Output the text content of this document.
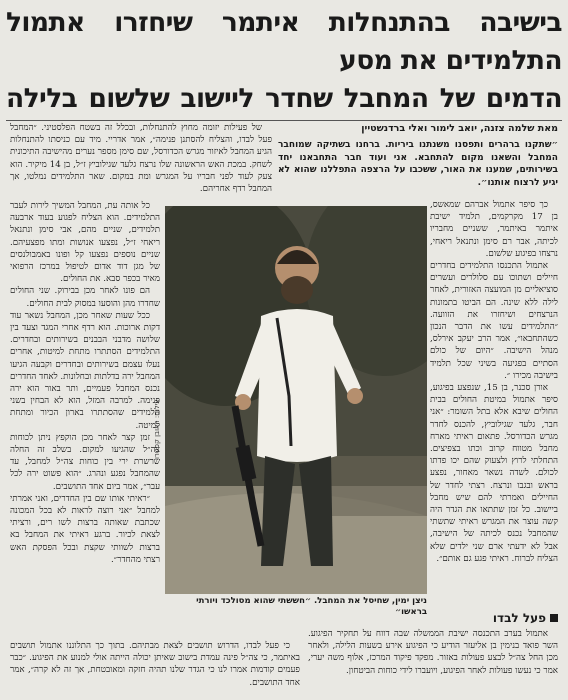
בישיבה בהתנחלות איתמר שיחזרו אתמול התלמידים את מסע
הדמים של המחבל שחדר ליישוב שלשום בלילה
מאת שלמה צזנה, יואב לימור ואלי ברדנשטיין
״שתקנו ברהרים ותפסנו משנתנו ביריות. ברחנו בשתיקה שמוחבר המחבל והשאנו מקום להתחבא. אני ועוד חבר התחבאנו יחד בשירותים, שמענו את האור, ששכבו על הרצפה התפללנו שהוא לא יגיע לרצוח אותנו״.

כך סיפר אתמול אברהם שמאשס, בן 17 מקרקמים, תלמיד ישיבת איתמר באיתמר, ששניים מחבריו לכיתה, אבר רם סימן ונתנאל ריאחי, נרצחו בפיגוע שלשום.

אתמול התכנסו התלמידים בחדרים חיילים ושתוכו עם סלולרים ועשרים סוציאליים מן המועצה האזורית, לאחר לילה ללא שינה. הם הביטו בתמונות הנרצחים ושיחזרו את הזוועה. ״התלמידים עשו את הדבר הנכון כשהתחבאו״, אמר הרב יעקב אירלס, מנהל הישיבה. ״היום של כולם הסתיים בפגיעה בשיני שכל תלמיד בישיבה מכירו ״.

אורן סכנר, בן 15, שנפצע בפיגוע, סיפר אתמול במיטת החולים בבית החולים שיבא אלא בתל השומר: ״אני חבר, גלעד שגילוביץ, להכנס לחדר מגרש הכדורסל. פתאום ראיתי מארח מחבל מטווח קרוב וכתו בצפיצים. התחלתי לרוץ ולצעוק שהם יכו פדתו לכולם. לשדה נשאר מאחור, נפצע בראש ובגבו ונרצח. רצתי לחדר של החיילים ואמרתי להם שיש מחבל ביישוב. כל זמן שתתאו את הגדר היה קשה עוצר את המגרש ראיתי שתשתי שהמחבל נכנס לכיתה של הישיבה, אבל לא ידעתי ארם שני ילדים שלא הצליח לברוח. ראיתי פגע גם אותם״.

של פעילות יזומה מחוץ להתנחלות, ובכלל זה בשטח הפלסטיני. ״המחבל פעל לבדו, והצליח להסתנן פנימה״, אמר אדריי. מיד עם כניסתו להתנחלות הגיע המחבל לאיזור מגרש הכדורסל, שם סימן מספר נערים מהישיבה התיכונית לשחק. במכת האש הראשונה שלו נרצח גלעד שגילוביץ ז״ל, בן 14 מיקיר. הוא צעק לעוד לפני חבריו על המגרש ומת במקום. שאר התלמידים נמלטו, אך המחבל רדף אחריהם.

כל אותה עת, המחבל המשיך לירות לעבר התלמידים. הוא הצליח לפגוע בעוד ארבעה תלמידים, שניים מהם, אבי סימן ונתנאל ריאחי ז״ל, נפצעו אנושות ומתו מפצעיהם. שניים נוספים נפצעו קל ופונו באמבולנסים של מגן דוד אדום לטיפול במרכז הרפואי מאיר בכפר סבא. את החולים.

הם פונו לאחר מכן בבירוק. שני החולים שחדרו מהן והוסעו במסוק לבית החולים.

ככל שעות שאחר מכן, המחבל נשאר עוד דקות ארוכות. הוא רדף אחרי המגד וצעד בין שלושה מדבני הבבנים בשירותים ובחדרים. התלמידים הסתתרו מתחת למיטות, אחרים נעלו עצמם בשירותים ובחדרים וקבעה הגיעו המחבל ירה בדלתות ובחלונות. לאחד החדרים נכנס המחבל פעמיים, ותר באור הוא ירה פנימה. למרבה המזל, הוא לא הבחין בשני תלמידים שהסתתרו בארון הכיור ומתחת למיטה.

זמן קצר לאחר מכן הוקפץ ניתן לכוחות צה״ל שהגיעו למקום. בשלב זה החלה שרשרת ירי בין כוחות צה״ל למחבל, עד שהמחבל נפגע ונהרג. ״הוא פשוט ירה לכל עבר״, אמר ביום אחד התושבים.

״ראיתי אותו שם בין החדרים, ואני אמרתי למחבל ״אני רוצה לראות לא בכל המכונה שכתבת שאותה ברצות לשו רים, ורציתי לצאת לכיור. ברגע ראיתי את המחבל בא ברצות לשוותי שקצת ובכל הפסקת האש רצתי מהחדר״.

צילום: ראובן קסטרו
ניצן ימין, שחיסל את המחבל. ״חששתי שהוא מסולכד ויורתי בראשו״	פעל לבדו

אתמול בערב התכנסה ישיבת הממשלה שבה דווח על תחקיר הפיגוע. השר פואד בנימין בן אליעזר הודיע כי הפיגוע אירע בשעות הלילה, ולאחר מכן החל צה״ל לבצע פעולות באזור. מפקד פיקוד המרכז, אלוף משה יערי, אמר כי נעשו פעולות לאחר הפיגוע, ויועברו לידי כוחות הביטחון.

כי פעל לבדו, הדרוש תושבים לצאת מבתיהם. בתוך כך התלוננו אתמול תושבים באיתמר, כי צה״ל פינה עמדת בישוב שאיתן יכולה הייתה אולי למנוע את הפיגוע. ״כבר פעמים קודמות אמרו לנו כי הגדר שלנו תהיה חזקה ומאובטחת, אך זה לא קרה״, אמר אחד התושבים.
